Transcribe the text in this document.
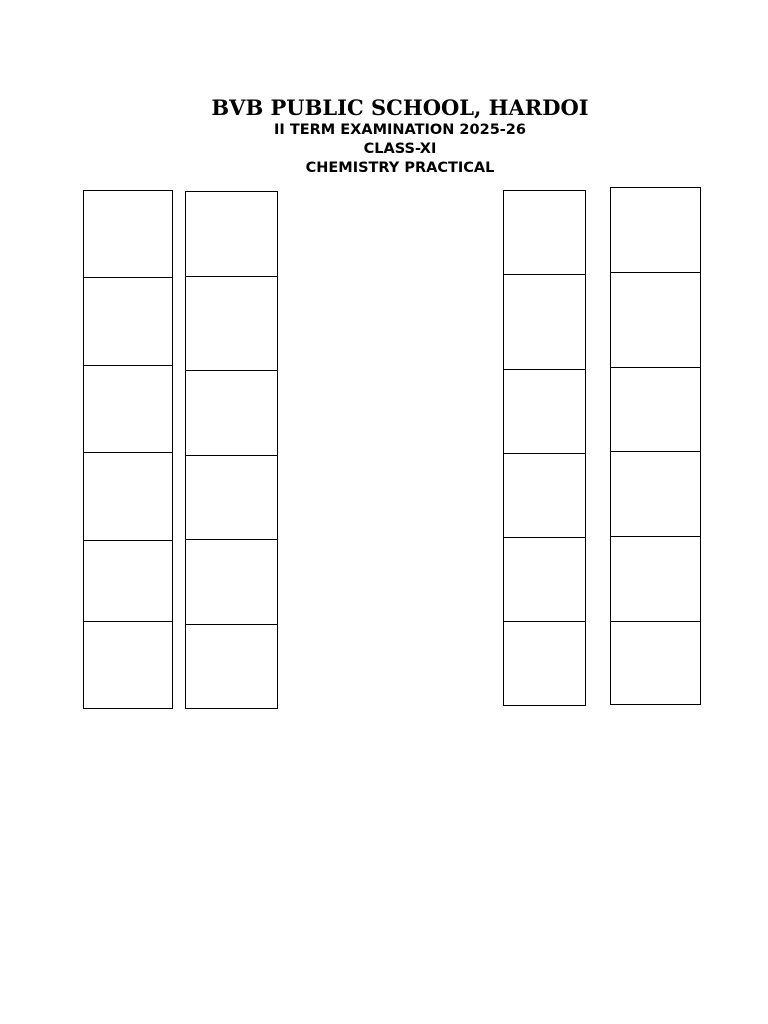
BVB PUBLIC SCHOOL, HARDOI
II TERM EXAMINATION 2025-26
CLASS-XI
CHEMISTRY PRACTICAL
